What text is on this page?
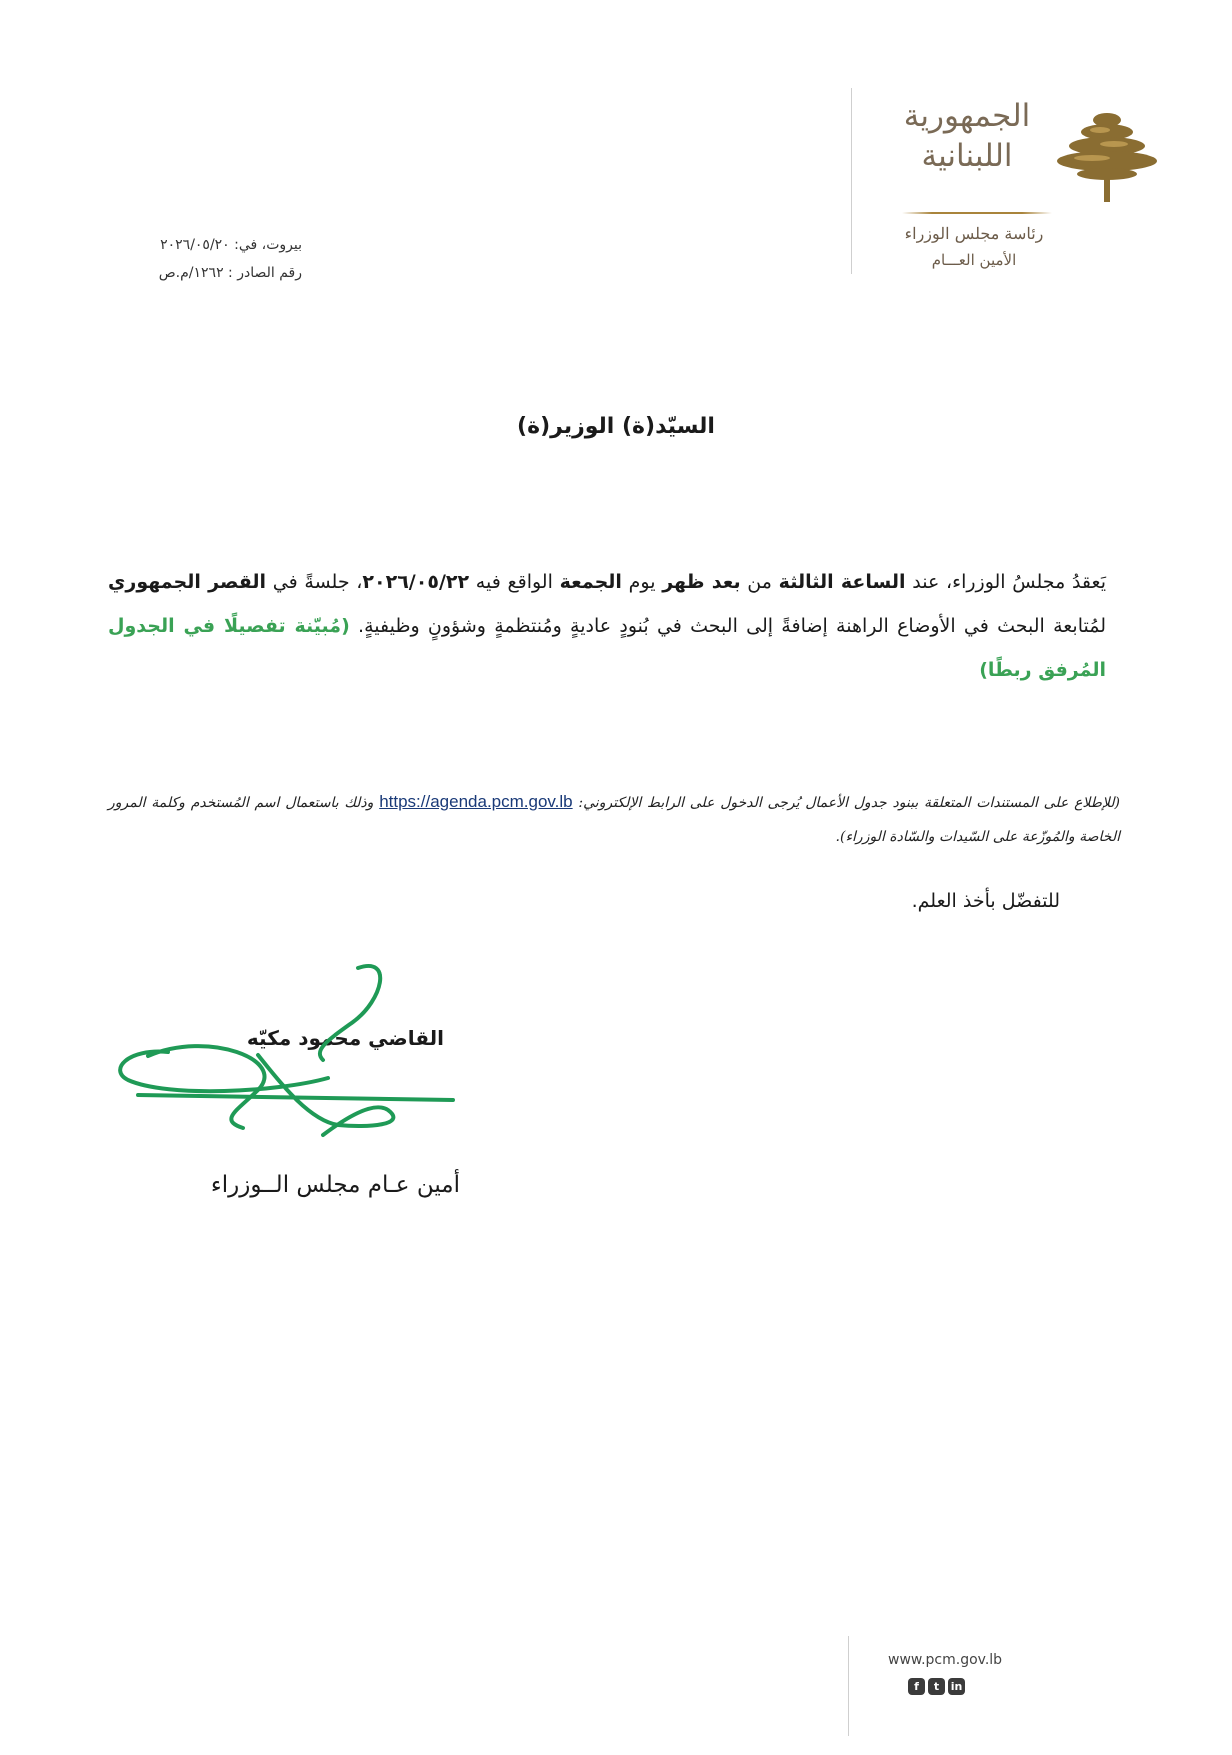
الجمهورية
اللبنانية
رئاسة مجلس الوزراء
الأمين العـــام
بيروت، في: ٢٠٢٦/٠٥/٢٠
رقم الصادر : ١٢٦٢/م.ص
السيّد(ة) الوزير(ة)
يَعقدُ مجلسُ الوزراء، عند الساعة الثالثة من بعد ظهر يوم الجمعة الواقع فيه ٢٠٢٦/٠٥/٢٢، جلسةً في القصر الجمهوري لمُتابعة البحث في الأوضاع الراهنة إضافةً إلى البحث في بُنودٍ عاديةٍ ومُنتظمةٍ وشؤونٍ وظيفيةٍ. (مُبيّنة تفصيلًا في الجدول المُرفق ربطًا)
(للإطلاع على المستندات المتعلقة ببنود جدول الأعمال يُرجى الدخول على الرابط الإلكتروني: https://agenda.pcm.gov.lb وذلك باستعمال اسم المُستخدم وكلمة المرور الخاصة والمُوزّعة على السّيدات والسّادة الوزراء).
للتفضّل بأخذ العلم.
القاضي محمود مكيّه
أمين عـام مجلس الــوزراء
www.pcm.gov.lb
f	t	in
